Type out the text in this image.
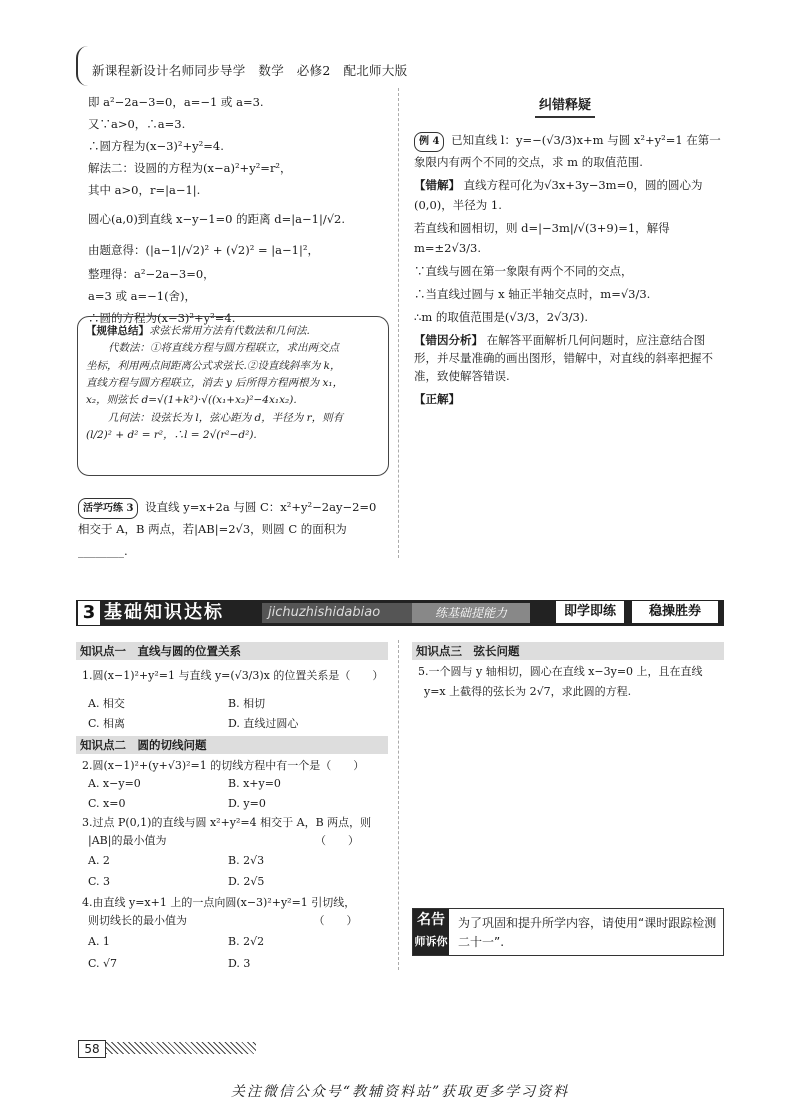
新课程新设计名师同步导学　数学　必修2　配北师大版
即 a²−2a−3=0，a=−1 或 a=3.
又∵a>0，∴a=3.
∴圆方程为(x−3)²+y²=4.
解法二：设圆的方程为(x−a)²+y²=r²，
其中 a>0，r=|a−1|.
圆心(a,0)到直线 x−y−1=0 的距离 d=|a−1|/√2.
由题意得：(|a−1|/√2)² + (√2)² = |a−1|²，
整理得：a²−2a−3=0，
a=3 或 a=−1(舍)，
∴圆的方程为(x−3)²+y²=4.
【规律总结】求弦长常用方法有代数法和几何法.
代数法：①将直线方程与圆方程联立，求出两交点
坐标，利用两点间距离公式求弦长.②设直线斜率为 k，
直线方程与圆方程联立，消去 y 后所得方程两根为 x₁，
x₂，则弦长 d=√(1+k²)·√((x₁+x₂)²−4x₁x₂).
几何法：设弦长为 l，弦心距为 d，半径为 r，则有
(l/2)² + d² = r²，∴l = 2√(r²−d²).
活学巧练 3 设直线 y=x+2a 与圆 C：x²+y²−2ay−2=0 相交于 A，B 两点，若|AB|=2√3，则圆 C 的面积为 ________.
纠错释疑
例 4 已知直线 l：y=−(√3/3)x+m 与圆 x²+y²=1 在第一象限内有两个不同的交点，求 m 的取值范围.
【错解】 直线方程可化为√3x+3y−3m=0，圆的圆心为(0,0)，半径为 1.
若直线和圆相切，则 d=|−3m|/√(3+9)=1，解得 m=±2√3/3.
∵直线与圆在第一象限有两个不同的交点，
∴当直线过圆与 x 轴正半轴交点时，m=√3/3.
∴m 的取值范围是(√3/3，2√3/3).
【错因分析】 在解答平面解析几何问题时，应注意结合图形，并尽量准确的画出图形，错解中，对直线的斜率把握不准，致使解答错误.
【正解】
3 基础知识达标	jichuzhishidabiao	练基础提能力	即学即练	稳操胜券
知识点一　直线与圆的位置关系
1.圆(x−1)²+y²=1 与直线 y=(√3/3)x 的位置关系是（　　）
A. 相交	B. 相切
C. 相离	D. 直线过圆心
知识点二　圆的切线问题
2.圆(x−1)²+(y+√3)²=1 的切线方程中有一个是（　　）
A. x−y=0	B. x+y=0
C. x=0	D. y=0
3.过点 P(0,1)的直线与圆 x²+y²=4 相交于 A，B 两点，则
|AB|的最小值为　　　　　　　　　　　　　　（　　）
A. 2	B. 2√3
C. 3	D. 2√5
4.由直线 y=x+1 上的一点向圆(x−3)²+y²=1 引切线，
则切线长的最小值为　　　　　　　　　　　　（　　）
A. 1	B. 2√2
C. √7	D. 3
知识点三　弦长问题
5.一个圆与 y 轴相切，圆心在直线 x−3y=0 上，且在直线
y=x 上截得的弦长为 2√7，求此圆的方程.
名告
师诉你
为了巩固和提升所学内容，请使用“课时跟踪检测二十一”.
58
关注微信公众号“教辅资料站”获取更多学习资料
